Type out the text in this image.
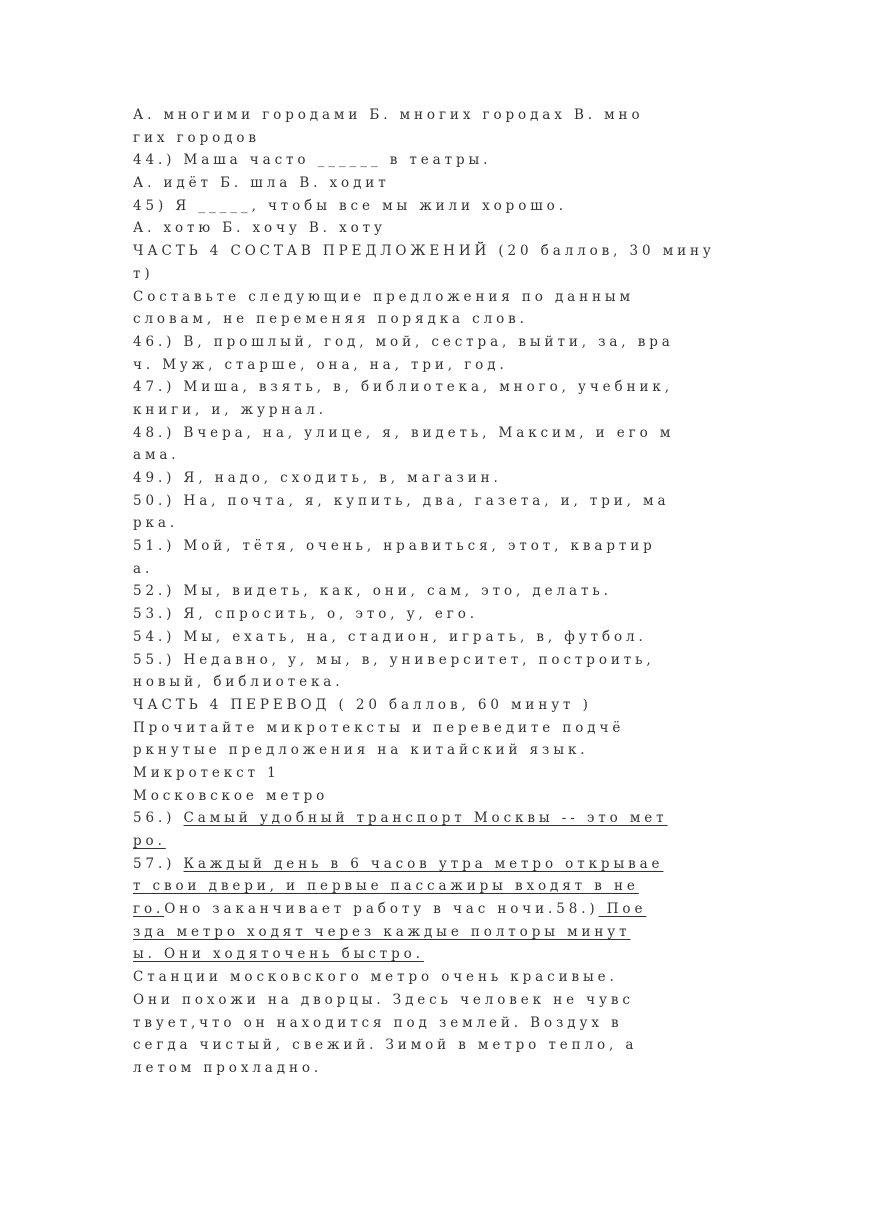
А. многими городами Б. многих городах В. мно
гих городов
44.) Маша часто ______ в театры.
А. идёт Б. шла В. ходит
45) Я _____, чтобы все мы жили хорошо.
А. хотю Б. хочу В. хоту
ЧАСТЬ 4 СОСТАВ ПРЕДЛОЖЕНИЙ (20 баллов, 30 мину
т)
Составьте следующие предложения по данным
словам, не переменяя порядка слов.
46.) В, прошлый, год, мой, сестра, выйти, за, вра
ч. Муж, старше, она, на, три, год.
47.) Миша, взять, в, библиотека, много, учебник,
книги, и, журнал.
48.) Вчера, на, улице, я, видеть, Максим, и его м
ама.
49.) Я, надо, сходить, в, магазин.
50.) На, почта, я, купить, два, газета, и, три, ма
рка.
51.) Мой, тётя, очень, нравиться, этот, квартир
а.
52.) Мы, видеть, как, они, сам, это, делать.
53.) Я, спросить, о, это, у, его.
54.) Мы, ехать, на, стадион, играть, в, футбол.
55.) Недавно, у, мы, в, университет, построить,
новый, библиотека.
ЧАСТЬ 4 ПЕРЕВОД ( 20 баллов, 60 минут )
Прочитайте микротексты и переведите подчё
ркнутые предложения на китайский язык.
Микротекст 1
Московское метро
56.) Самый удобный транспорт Москвы -- это мет
ро.
57.) Каждый день в 6 часов утра метро открывае
т свои двери, и первые пассажиры входят в не
го.Оно заканчивает работу в час ночи.58.) Пое
зда метро ходят через каждые полторы минут
ы. Они ходяточень быстро.
Станции московского метро очень красивые.
Они похожи на дворцы. Здесь человек не чувс
твует,что он находится под землей. Воздух в
сегда чистый, свежий. Зимой в метро тепло, а
летом прохладно.
